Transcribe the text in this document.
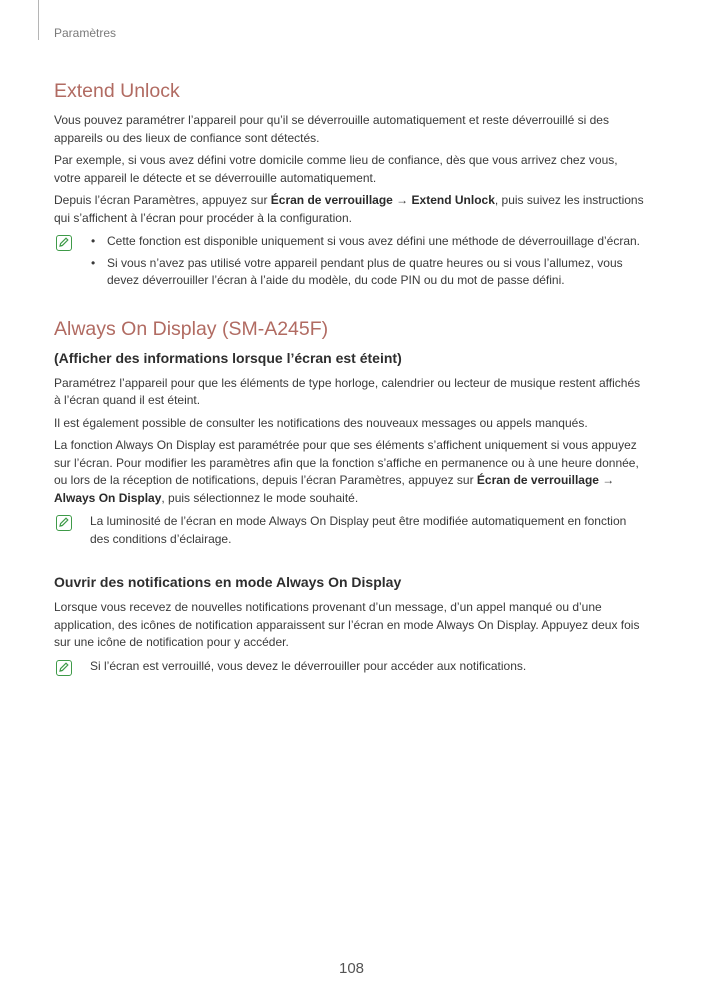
Paramètres
Extend Unlock

Vous pouvez paramétrer l’appareil pour qu’il se déverrouille automatiquement et reste déverrouillé si des appareils ou des lieux de confiance sont détectés.

Par exemple, si vous avez défini votre domicile comme lieu de confiance, dès que vous arrivez chez vous, votre appareil le détecte et se déverrouille automatiquement.

Depuis l’écran Paramètres, appuyez sur Écran de verrouillage → Extend Unlock, puis suivez les instructions qui s’affichent à l’écran pour procéder à la configuration.

• Cette fonction est disponible uniquement si vous avez défini une méthode de déverrouillage d’écran.
• Si vous n’avez pas utilisé votre appareil pendant plus de quatre heures ou si vous l’allumez, vous devez déverrouiller l’écran à l’aide du modèle, du code PIN ou du mot de passe défini.
Always On Display (SM-A245F)
(Afficher des informations lorsque l’écran est éteint)

Paramétrez l’appareil pour que les éléments de type horloge, calendrier ou lecteur de musique restent affichés à l’écran quand il est éteint.

Il est également possible de consulter les notifications des nouveaux messages ou appels manqués.

La fonction Always On Display est paramétrée pour que ses éléments s’affichent uniquement si vous appuyez sur l’écran. Pour modifier les paramètres afin que la fonction s’affiche en permanence ou à une heure donnée, ou lors de la réception de notifications, depuis l’écran Paramètres, appuyez sur Écran de verrouillage → Always On Display, puis sélectionnez le mode souhaité.

La luminosité de l’écran en mode Always On Display peut être modifiée automatiquement en fonction des conditions d’éclairage.

Ouvrir des notifications en mode Always On Display

Lorsque vous recevez de nouvelles notifications provenant d’un message, d’un appel manqué ou d’une application, des icônes de notification apparaissent sur l’écran en mode Always On Display. Appuyez deux fois sur une icône de notification pour y accéder.

Si l’écran est verrouillé, vous devez le déverrouiller pour accéder aux notifications.

108
